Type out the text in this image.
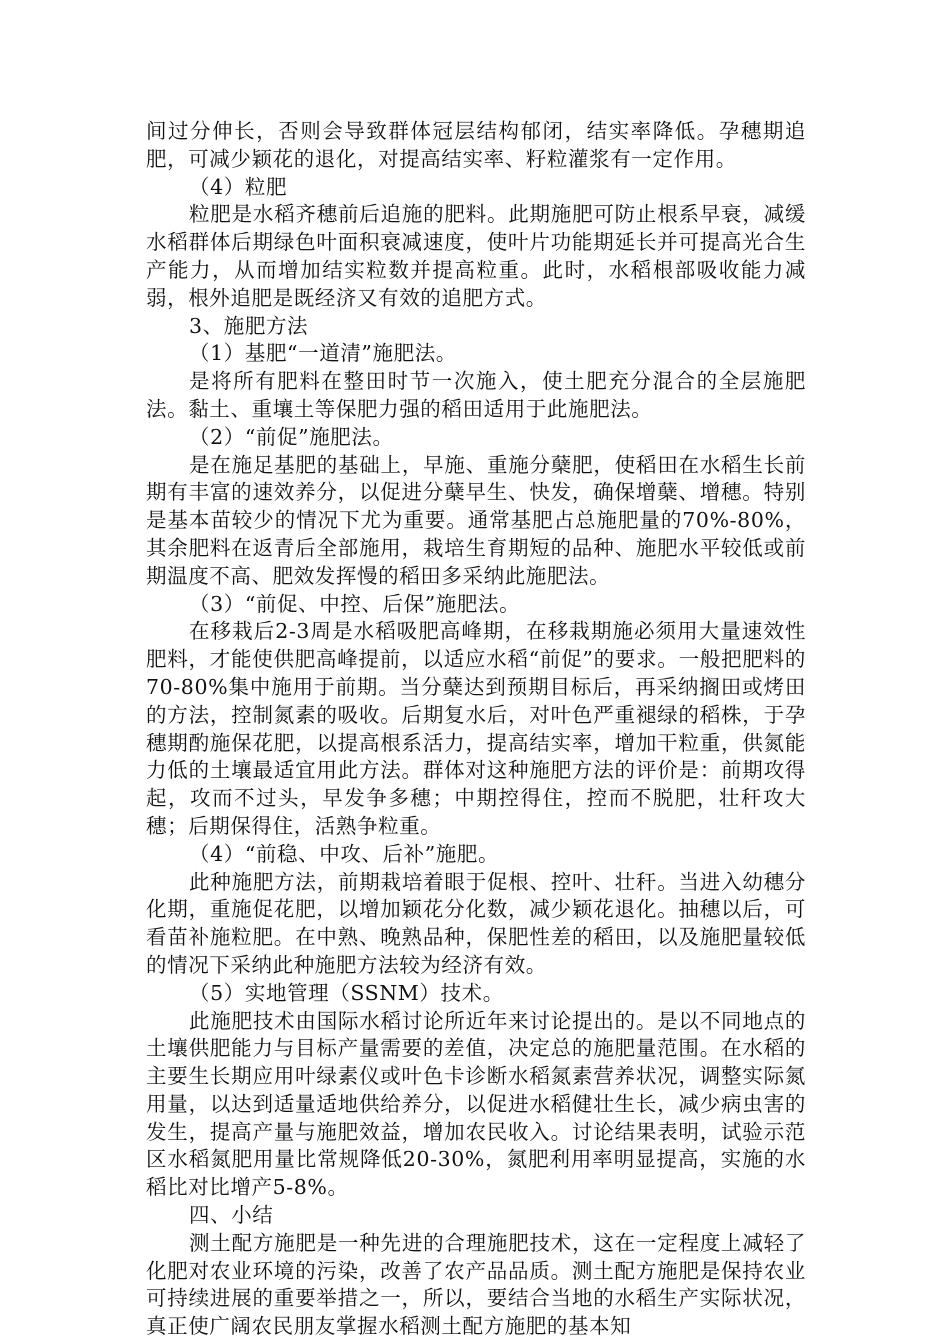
间过分伸长，否则会导致群体冠层结构郁闭，结实率降低。孕穗期追肥，可减少颖花的退化，对提高结实率、籽粒灌浆有一定作用。

（4）粒肥

粒肥是水稻齐穗前后追施的肥料。此期施肥可防止根系早衰，减缓水稻群体后期绿色叶面积衰减速度，使叶片功能期延长并可提高光合生产能力，从而增加结实粒数并提高粒重。此时，水稻根部吸收能力减弱，根外追肥是既经济又有效的追肥方式。

3、施肥方法

（1）基肥“一道清”施肥法。

是将所有肥料在整田时节一次施入，使土肥充分混合的全层施肥法。黏土、重壤土等保肥力强的稻田适用于此施肥法。

（2）“前促”施肥法。

是在施足基肥的基础上，早施、重施分蘖肥，使稻田在水稻生长前期有丰富的速效养分，以促进分蘖早生、快发，确保增蘖、增穗。特别是基本苗较少的情况下尤为重要。通常基肥占总施肥量的70%-80%，其余肥料在返青后全部施用，栽培生育期短的品种、施肥水平较低或前期温度不高、肥效发挥慢的稻田多采纳此施肥法。

（3）“前促、中控、后保”施肥法。

在移栽后2-3周是水稻吸肥高峰期，在移栽期施必须用大量速效性肥料，才能使供肥高峰提前，以适应水稻“前促”的要求。一般把肥料的70-80%集中施用于前期。当分蘖达到预期目标后，再采纳搁田或烤田的方法，控制氮素的吸收。后期复水后，对叶色严重褪绿的稻株，于孕穗期酌施保花肥，以提高根系活力，提高结实率，增加干粒重，供氮能力低的土壤最适宜用此方法。群体对这种施肥方法的评价是：前期攻得起，攻而不过头，早发争多穗；中期控得住，控而不脱肥，壮秆攻大穗；后期保得住，活熟争粒重。

（4）“前稳、中攻、后补”施肥。

此种施肥方法，前期栽培着眼于促根、控叶、壮秆。当进入幼穗分化期，重施促花肥，以增加颖花分化数，减少颖花退化。抽穗以后，可看苗补施粒肥。在中熟、晚熟品种，保肥性差的稻田，以及施肥量较低的情况下采纳此种施肥方法较为经济有效。

（5）实地管理（SSNM）技术。

此施肥技术由国际水稻讨论所近年来讨论提出的。是以不同地点的土壤供肥能力与目标产量需要的差值，决定总的施肥量范围。在水稻的主要生长期应用叶绿素仪或叶色卡诊断水稻氮素营养状况，调整实际氮用量，以达到适量适地供给养分，以促进水稻健壮生长，减少病虫害的发生，提高产量与施肥效益，增加农民收入。讨论结果表明，试验示范区水稻氮肥用量比常规降低20-30%，氮肥利用率明显提高，实施的水稻比对比增产5-8%。

四、小结

测土配方施肥是一种先进的合理施肥技术，这在一定程度上减轻了化肥对农业环境的污染，改善了农产品品质。测土配方施肥是保持农业可持续进展的重要举措之一，所以，要结合当地的水稻生产实际状况，真正使广阔农民朋友掌握水稻测土配方施肥的基本知
